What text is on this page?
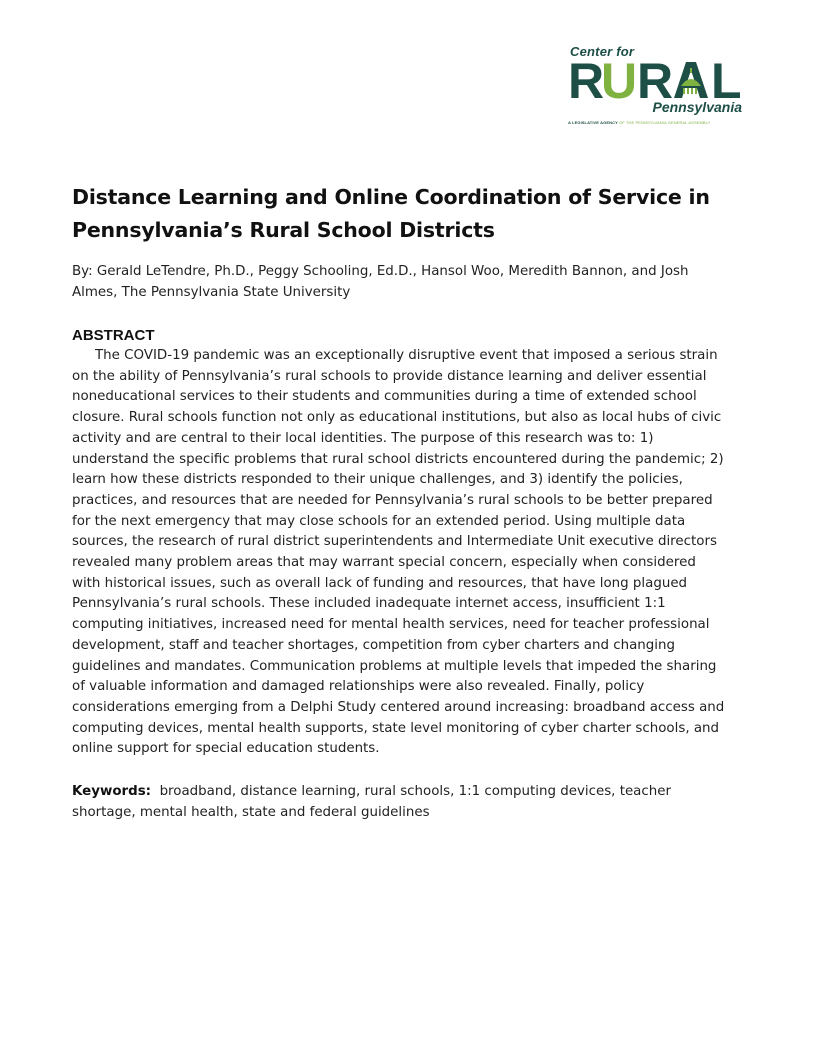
Center for
R
U R L
Pennsylvania
A LEGISLATIVE AGENCY OF THE PENNSYLVANIA GENERAL ASSEMBLY
Distance Learning and Online Coordination of Service in
Pennsylvania’s Rural School Districts
By: Gerald LeTendre, Ph.D., Peggy Schooling, Ed.D., Hansol Woo, Meredith Bannon, and Josh
Almes, The Pennsylvania State University
ABSTRACT
The COVID-19 pandemic was an exceptionally disruptive event that imposed a serious strain
on the ability of Pennsylvania’s rural schools to provide distance learning and deliver essential
noneducational services to their students and communities during a time of extended school
closure. Rural schools function not only as educational institutions, but also as local hubs of civic
activity and are central to their local identities. The purpose of this research was to: 1)
understand the specific problems that rural school districts encountered during the pandemic; 2)
learn how these districts responded to their unique challenges, and 3) identify the policies,
practices, and resources that are needed for Pennsylvania’s rural schools to be better prepared
for the next emergency that may close schools for an extended period. Using multiple data
sources, the research of rural district superintendents and Intermediate Unit executive directors
revealed many problem areas that may warrant special concern, especially when considered
with historical issues, such as overall lack of funding and resources, that have long plagued
Pennsylvania’s rural schools. These included inadequate internet access, insufficient 1:1
computing initiatives, increased need for mental health services, need for teacher professional
development, staff and teacher shortages, competition from cyber charters and changing
guidelines and mandates. Communication problems at multiple levels that impeded the sharing
of valuable information and damaged relationships were also revealed. Finally, policy
considerations emerging from a Delphi Study centered around increasing: broadband access and
computing devices, mental health supports, state level monitoring of cyber charter schools, and
online support for special education students.
Keywords: broadband, distance learning, rural schools, 1:1 computing devices, teacher
shortage, mental health, state and federal guidelines
